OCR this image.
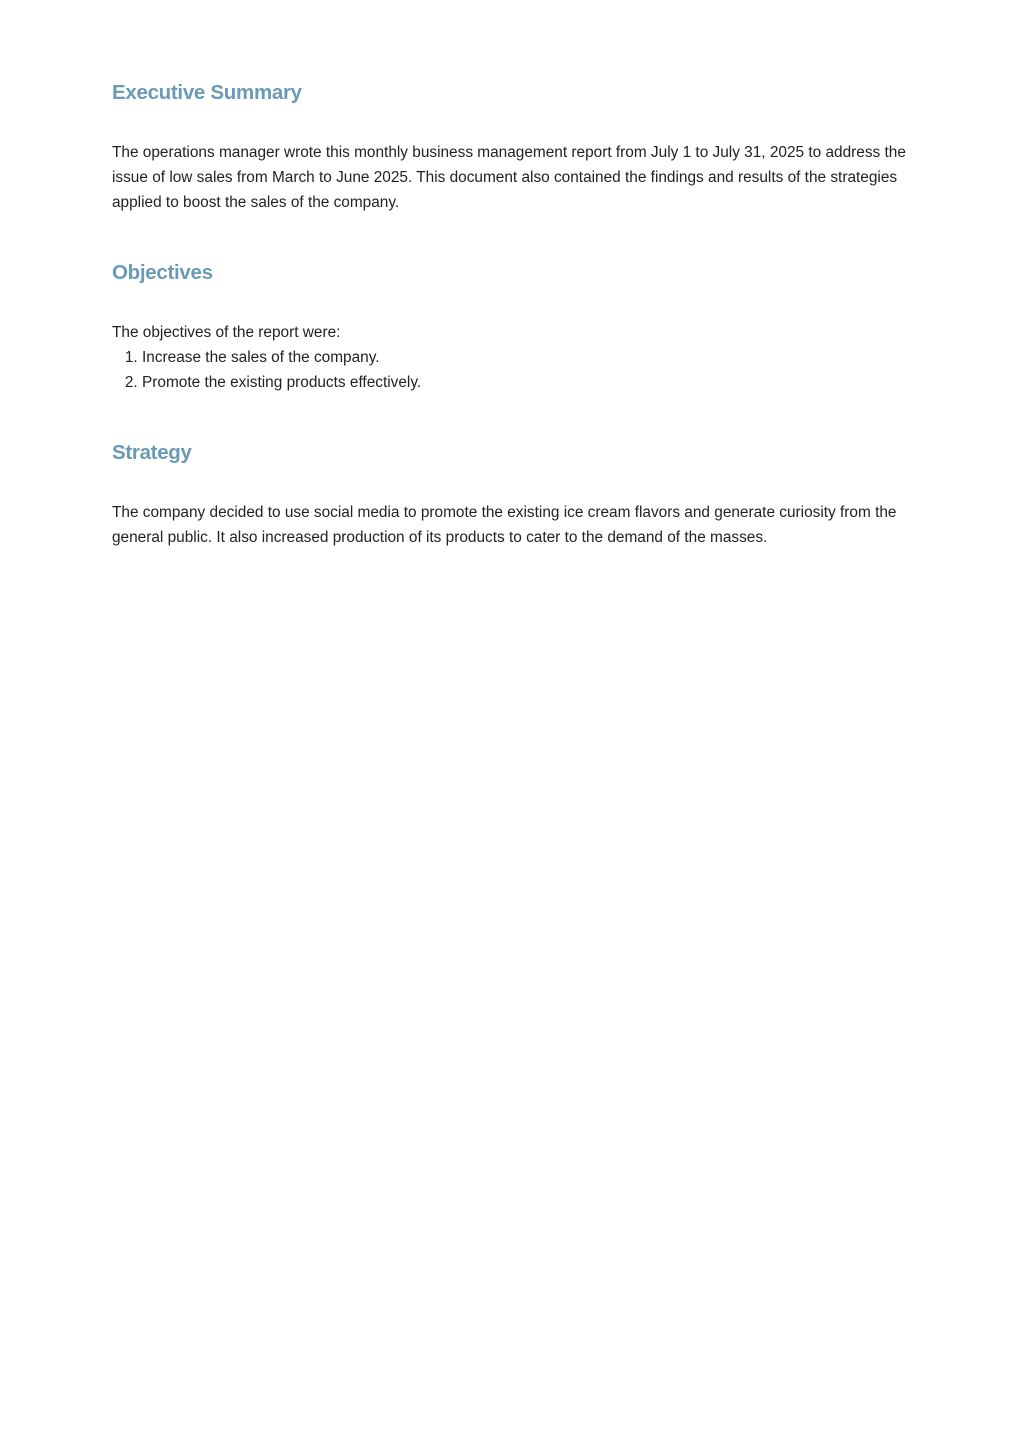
Executive Summary

The operations manager wrote this monthly business management report from July 1 to July 31, 2025 to address the issue of low sales from March to June 2025. This document also contained the findings and results of the strategies applied to boost the sales of the company.

Objectives

The objectives of the report were:

1. Increase the sales of the company.
2. Promote the existing products effectively.
Strategy

The company decided to use social media to promote the existing ice cream flavors and generate curiosity from the general public. It also increased production of its products to cater to the demand of the masses.
